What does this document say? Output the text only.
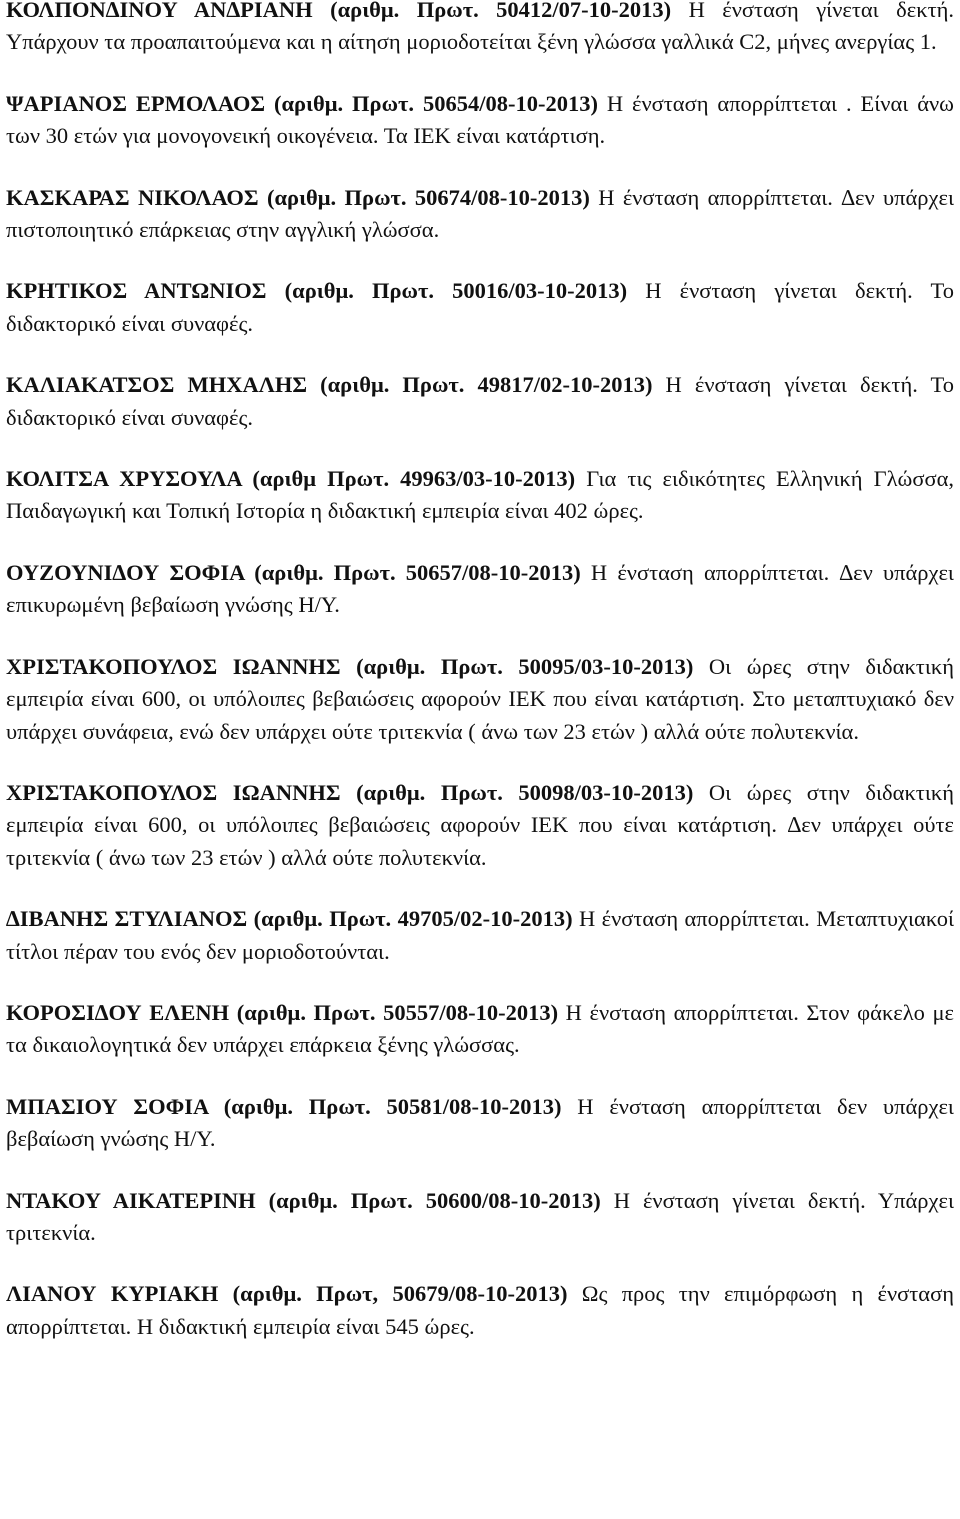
ΚΟΛΠΟΝ∆ΙΝΟΥ ΑΝ∆ΡΙΑΝΗ (αριθμ. Πρωτ. 50412/07-10-2013) Η ένσταση γίνεται δεκτή. Υπάρχουν τα προαπαιτούμενα και η αίτηση μοριοδοτείται ξένη γλώσσα γαλλικά C2, μήνες ανεργίας 1.

ΨΑΡΙΑΝΟΣ ΕΡΜΟΛΑΟΣ (αριθμ. Πρωτ. 50654/08-10-2013) Η ένσταση απορρίπτεται . Είναι άνω των 30 ετών για μονογονεική οικογένεια. Τα ΙΕΚ είναι κατάρτιση.

ΚΑΣΚΑΡΑΣ ΝΙΚΟΛΑΟΣ (αριθμ. Πρωτ. 50674/08-10-2013) Η ένσταση απορρίπτεται. ∆εν υπάρχει πιστοποιητικό επάρκειας στην αγγλική γλώσσα.

ΚΡΗΤΙΚΟΣ ΑΝΤΩΝΙΟΣ (αριθμ. Πρωτ. 50016/03-10-2013) Η ένσταση γίνεται δεκτή. Το διδακτορικό είναι συναφές.

ΚΑΛΙΑΚΑΤΣΟΣ ΜΗΧΑΛΗΣ (αριθμ. Πρωτ. 49817/02-10-2013) Η ένσταση γίνεται δεκτή. Το διδακτορικό είναι συναφές.

ΚΟΛΙΤΣΑ ΧΡΥΣΟΥΛΑ (αριθμ Πρωτ. 49963/03-10-2013) Για τις ειδικότητες Ελληνική Γλώσσα, Παιδαγωγική και Τοπική Ιστορία η διδακτική εμπειρία είναι 402 ώρες.

ΟΥΖΟΥΝΙ∆ΟΥ ΣΟΦΙΑ (αριθμ. Πρωτ. 50657/08-10-2013) Η ένσταση απορρίπτεται. ∆εν υπάρχει επικυρωμένη βεβαίωση γνώσης Η/Υ.

ΧΡΙΣΤΑΚΟΠΟΥΛΟΣ ΙΩΑΝΝΗΣ (αριθμ. Πρωτ. 50095/03-10-2013) Οι ώρες στην διδακτική εμπειρία είναι 600, οι υπόλοιπες βεβαιώσεις αφορούν ΙΕΚ που είναι κατάρτιση. Στο μεταπτυχιακό δεν υπάρχει συνάφεια, ενώ δεν υπάρχει ούτε τριτεκνία ( άνω των 23 ετών ) αλλά ούτε πολυτεκνία.

ΧΡΙΣΤΑΚΟΠΟΥΛΟΣ ΙΩΑΝΝΗΣ (αριθμ. Πρωτ. 50098/03-10-2013) Οι ώρες στην διδακτική εμπειρία είναι 600, οι υπόλοιπες βεβαιώσεις αφορούν ΙΕΚ που είναι κατάρτιση. ∆εν υπάρχει ούτε τριτεκνία ( άνω των 23 ετών ) αλλά ούτε πολυτεκνία.

∆ΙΒΑΝΗΣ ΣΤΥΛΙΑΝΟΣ (αριθμ. Πρωτ. 49705/02-10-2013) Η ένσταση απορρίπτεται. Μεταπτυχιακοί τίτλοι πέραν του ενός δεν μοριοδοτούνται.

ΚΟΡΟΣΙ∆ΟΥ ΕΛΕΝΗ (αριθμ. Πρωτ. 50557/08-10-2013) Η ένσταση απορρίπτεται. Στον φάκελο με τα δικαιολογητικά δεν υπάρχει επάρκεια ξένης γλώσσας.

ΜΠΑΣΙΟΥ ΣΟΦΙΑ (αριθμ. Πρωτ. 50581/08-10-2013) Η ένσταση απορρίπτεται δεν υπάρχει βεβαίωση γνώσης Η/Υ.

ΝΤΑΚΟΥ ΑΙΚΑΤΕΡΙΝΗ (αριθμ. Πρωτ. 50600/08-10-2013) Η ένσταση γίνεται δεκτή. Υπάρχει τριτεκνία.

ΛΙΑΝΟΥ ΚΥΡΙΑΚΗ (αριθμ. Πρωτ, 50679/08-10-2013) Ως προς την επιμόρφωση η ένσταση απορρίπτεται. Η διδακτική εμπειρία είναι 545 ώρες.
